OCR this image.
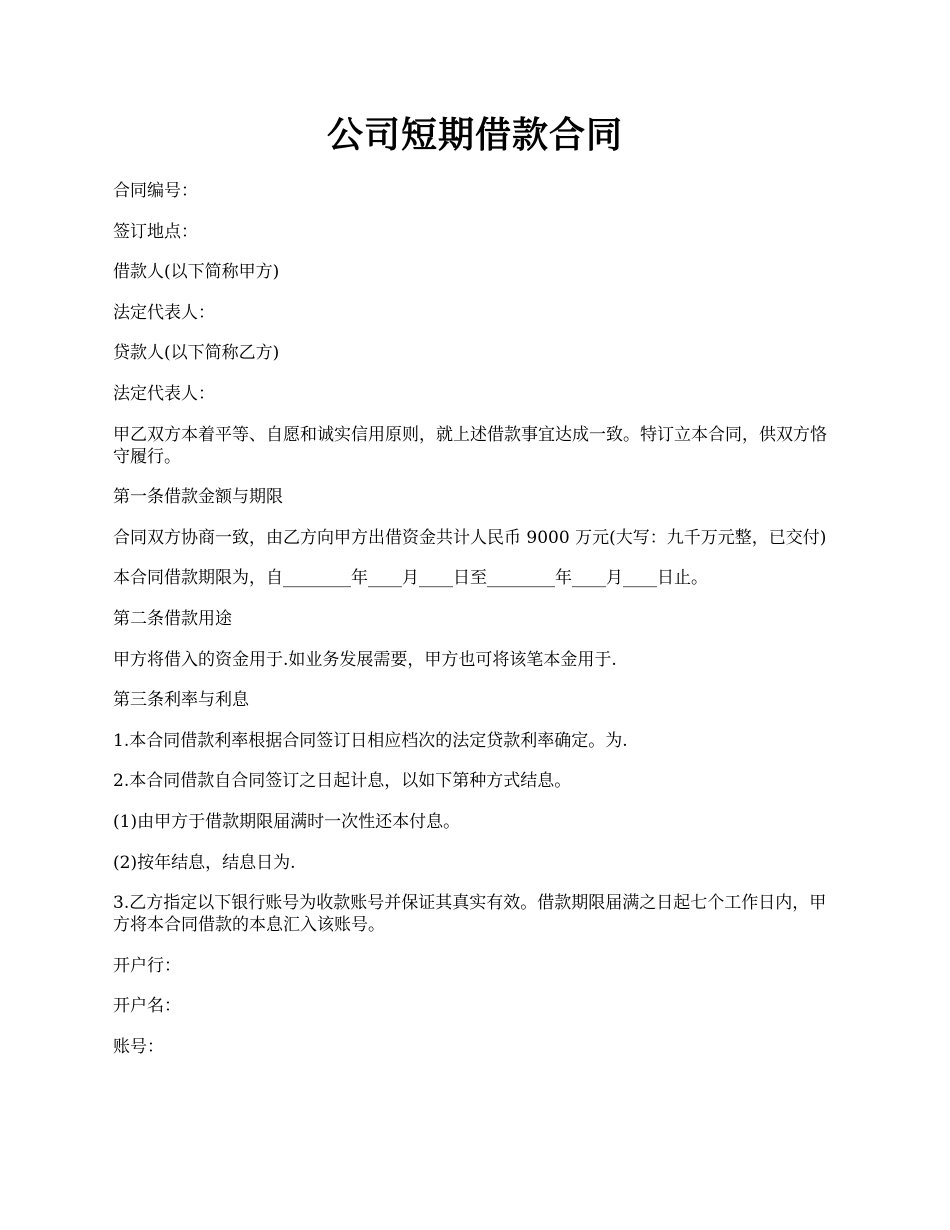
公司短期借款合同

合同编号：

签订地点：

借款人(以下简称甲方)

法定代表人：

贷款人(以下简称乙方)

法定代表人：

甲乙双方本着平等、自愿和诚实信用原则，就上述借款事宜达成一致。特订立本合同，供双方恪守履行。

第一条借款金额与期限

合同双方协商一致，由乙方向甲方出借资金共计人民币 9000 万元(大写：九千万元整，已交付)

本合同借款期限为，自________年____月____日至________年____月____日止。

第二条借款用途

甲方将借入的资金用于.如业务发展需要，甲方也可将该笔本金用于.

第三条利率与利息

1.本合同借款利率根据合同签订日相应档次的法定贷款利率确定。为.

2.本合同借款自合同签订之日起计息，以如下第种方式结息。

(1)由甲方于借款期限届满时一次性还本付息。

(2)按年结息，结息日为.

3.乙方指定以下银行账号为收款账号并保证其真实有效。借款期限届满之日起七个工作日内，甲方将本合同借款的本息汇入该账号。

开户行：

开户名：

账号：
